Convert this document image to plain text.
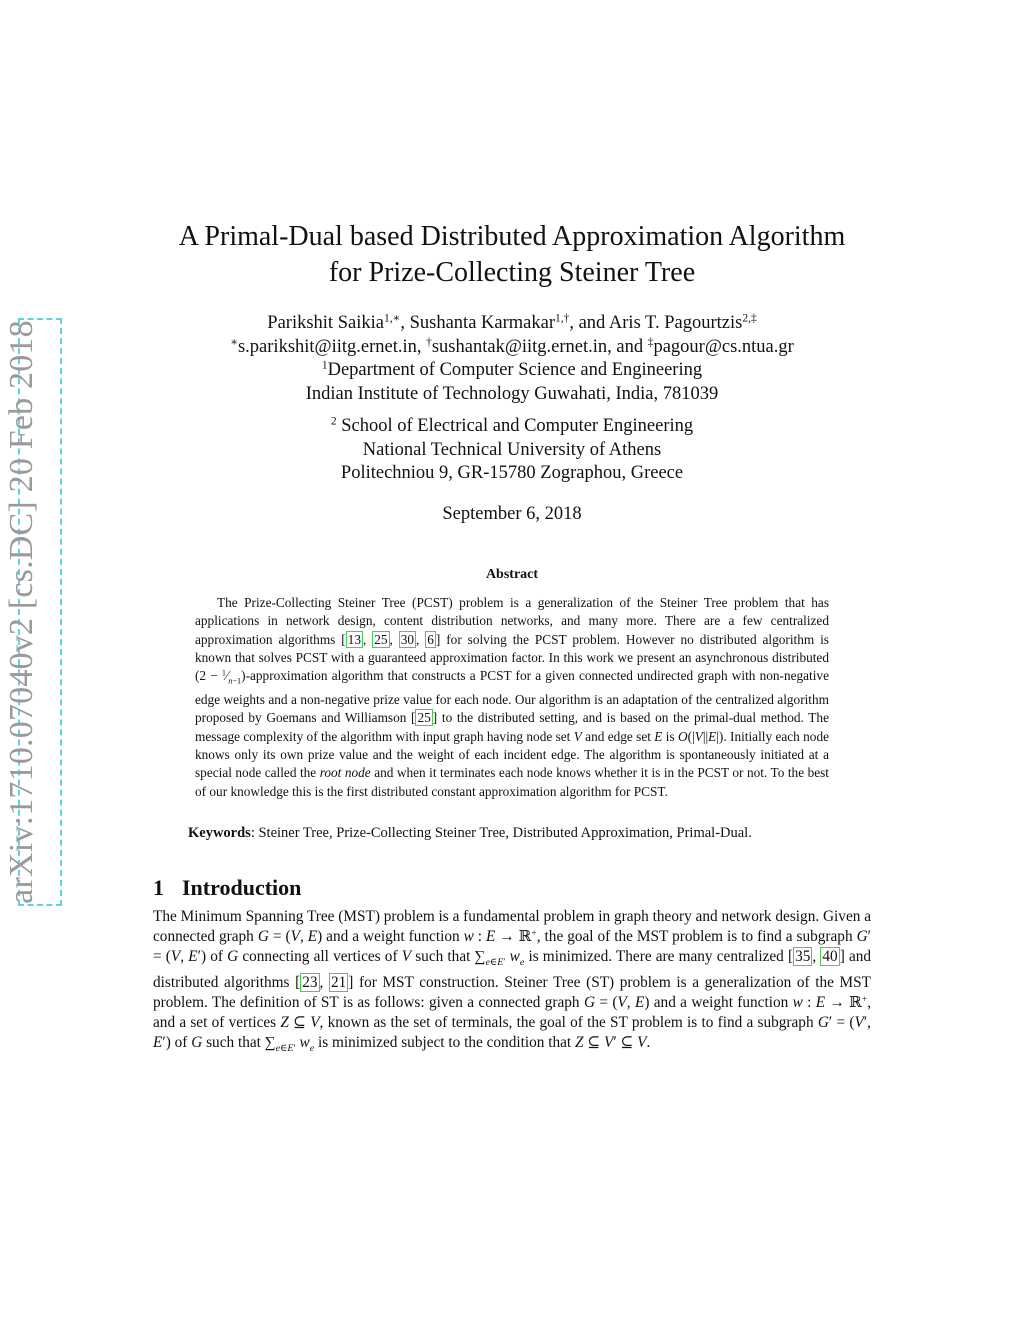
arXiv:1710.07040v2 [cs.DC] 20 Feb 2018
A Primal-Dual based Distributed Approximation Algorithm
for Prize-Collecting Steiner Tree
Parikshit Saikia$^{1,∗}$, Sushanta Karmakar$^{1,\dagger}$, and Aris T. Pagourtzis$^{2,\ddagger}$
∗s.parikshit@iitg.ernet.in, †sushantak@iitg.ernet.in, and ‡pagour@cs.ntua.gr
$^1$Department of Computer Science and Engineering
Indian Institute of Technology Guwahati, India, 781039
$^2$ School of Electrical and Computer Engineering
National Technical University of Athens
Politechniou 9, GR-15780 Zographou, Greece
September 6, 2018
Abstract
The Prize-Collecting Steiner Tree (PCST) problem is a generalization of the Steiner Tree problem that has applications in network design, content distribution networks, and many more. There are a few centralized approximation algorithms [ 13 , 25 , 30 , 6 ] for solving the PCST problem. However no distributed algorithm is known that solves PCST with a guaranteed approximation factor. In this work we present an asynchronous distributed $(2 - ^1⁄_{n-1})$-approximation algorithm that constructs a PCST for a given connected undirected graph with non-negative edge weights and a non-negative prize value for each node. Our algorithm is an adaptation of the centralized algorithm proposed by Goemans and Williamson [ 25 ] to the distributed setting, and is based on the primal-dual method. The message complexity of the algorithm with input graph having node set V and edge set E is O(|V||E|). Initially each node knows only its own prize value and the weight of each incident edge. The algorithm is spontaneously initiated at a special node called the root node and when it terminates each node knows whether it is in the PCST or not. To the best of our knowledge this is the first distributed constant approximation algorithm for PCST.
Keywords: Steiner Tree, Prize-Collecting Steiner Tree, Distributed Approximation, Primal-Dual.
1 Introduction
The Minimum Spanning Tree (MST) problem is a fundamental problem in graph theory and network design. Given a connected graph G = (V, E) and a weight function w : E → ℝ+, the goal of the MST problem is to find a subgraph G′ = (V, E′) of G connecting all vertices of V such that $\sum_{e\in E'}$ $w_e$ is minimized. There are many centralized [ 35 , 40 ] and distributed algorithms [ 23 , 21 ] for MST construction. Steiner Tree (ST) problem is a generalization of the MST problem. The definition of ST is as follows: given a connected graph G = (V, E) and a weight function w : E → ℝ+, and a set of vertices Z ⊆ V, known as the set of terminals, the goal of the ST problem is to find a subgraph G′ = (V′, E′) of G such that $\sum_{e\in E'}$ $w_e$ is minimized subject to the condition that Z ⊆ V′ ⊆ V.
